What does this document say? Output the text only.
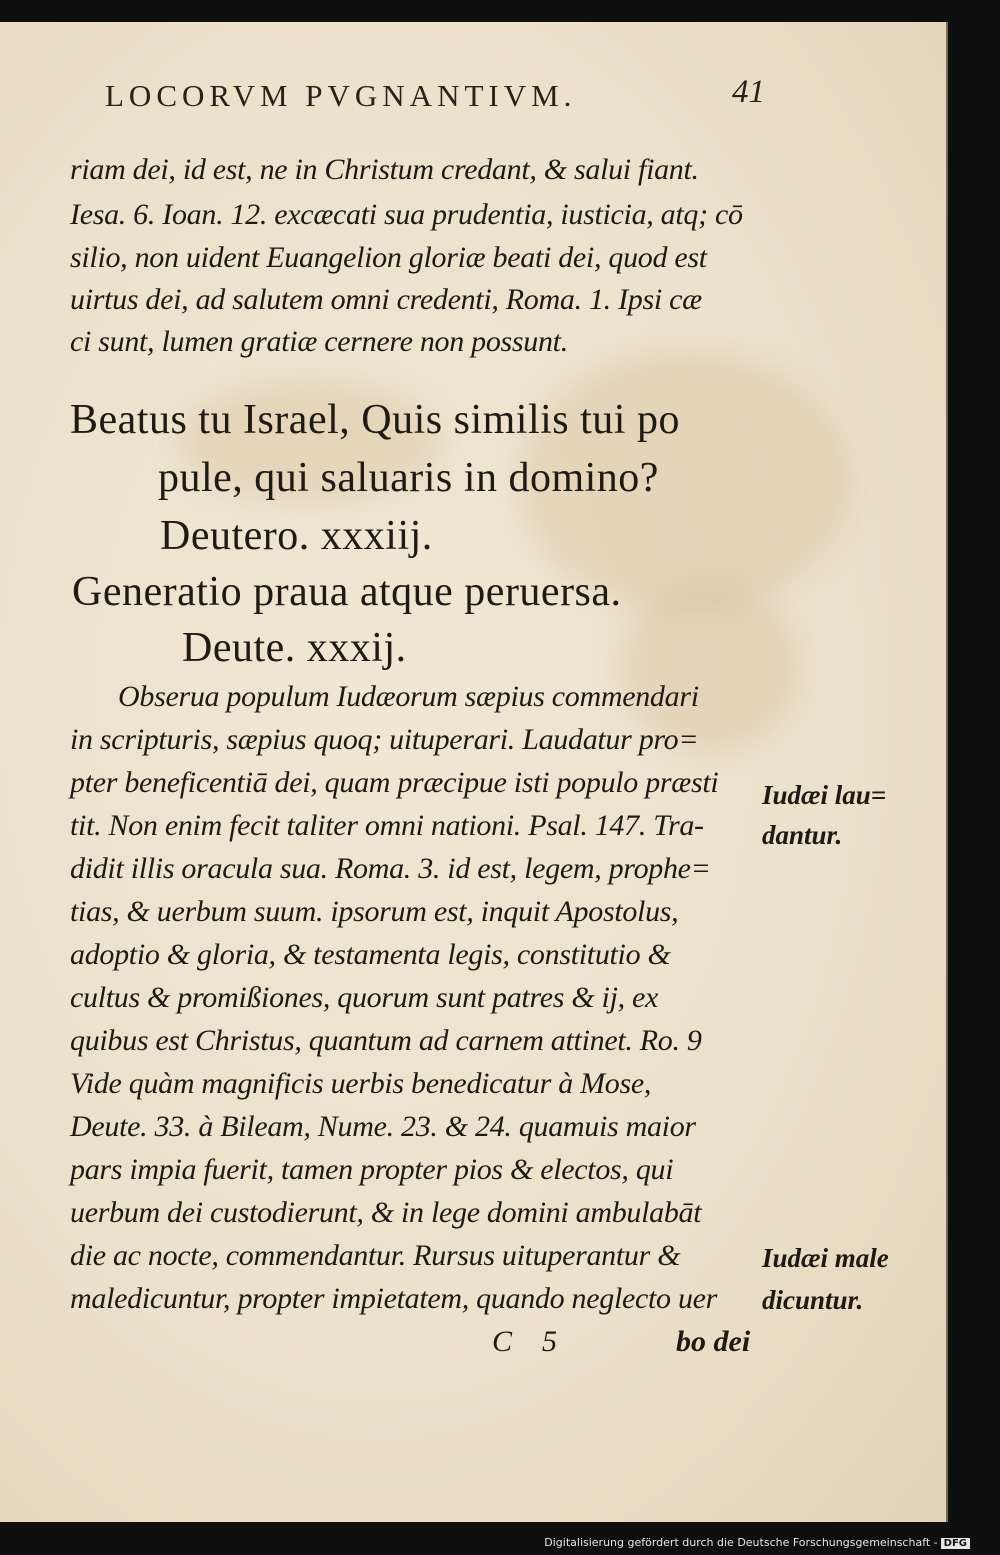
LOCORVM PVGNANTIVM.	41
riam dei, id est, ne in Christum credant, & salui fiant.
Iesa. 6. Ioan. 12. excæcati sua prudentia, iusticia, atq; cō
silio, non uident Euangelion gloriæ beati dei, quod est
uirtus dei, ad salutem omni credenti, Roma. 1. Ipsi cæ
ci sunt, lumen gratiæ cernere non possunt.
Beatus tu Israel, Quis similis tui po
pule, qui saluaris in domino?
Deutero. xxxiij.
Generatio praua atque peruersa.
Deute. xxxij.
Obserua populum Iudæorum sæpius commendari
in scripturis, sæpius quoq; uituperari. Laudatur pro=
pter beneficentiā dei, quam præcipue isti populo præsti
tit. Non enim fecit taliter omni nationi. Psal. 147. Tra-
didit illis oracula sua. Roma. 3. id est, legem, prophe=
tias, & uerbum suum. ipsorum est, inquit Apostolus,
adoptio & gloria, & testamenta legis, constitutio &
cultus & promißiones, quorum sunt patres & ij, ex
quibus est Christus, quantum ad carnem attinet. Ro. 9
Vide quàm magnificis uerbis benedicatur à Mose,
Deute. 33. à Bileam, Nume. 23. & 24. quamuis maior
pars impia fuerit, tamen propter pios & electos, qui
uerbum dei custodierunt, & in lege domini ambulabāt
die ac nocte, commendantur. Rursus uituperantur &
maledicuntur, propter impietatem, quando neglecto uer
Iudæi lau=
dantur.
Iudæi male
dicuntur.
C 5	bo dei
Digitalisierung gefördert durch die Deutsche Forschungsgemeinschaft - DFG
